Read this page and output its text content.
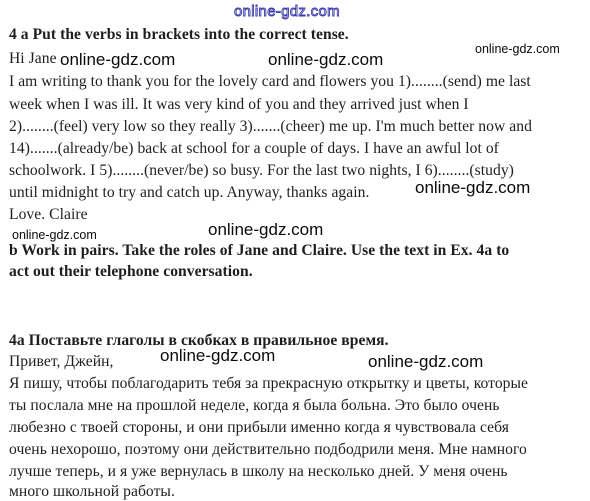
online-gdz.com
4 a Put the verbs in brackets into the correct tense.
Hi Jane
I am writing to thank you for the lovely card and flowers you 1)........(send) me last
week when I was ill. It was very kind of you and they arrived just when I
2)........(feel) very low so they really 3).......(cheer) me up. I'm much better now and
14).......(already/be) back at school for a couple of days. I have an awful lot of
schoolwork. I 5)........(never/be) so busy. For the last two nights, I 6)........(study)
until midnight to try and catch up. Anyway, thanks again.
Love. Claire
b Work in pairs. Take the roles of Jane and Claire. Use the text in Ex. 4a to
act out their telephone conversation.
4а Поставьте глаголы в скобках в правильное время.
Привет, Джейн,
Я пишу, чтобы поблагодарить тебя за прекрасную открытку и цветы, которые
ты послала мне на прошлой неделе, когда я была больна. Это было очень
любезно с твоей стороны, и они прибыли именно когда я чувствовала себя
очень нехорошо, поэтому они действительно подбодрили меня. Мне намного
лучше теперь, и я уже вернулась в школу на несколько дней. У меня очень
много школьной работы.
online-gdz.com	online-gdz.com
online-gdz.com
online-gdz.com
online-gdz.com	online-gdz.com
online-gdz.com	online-gdz.com
